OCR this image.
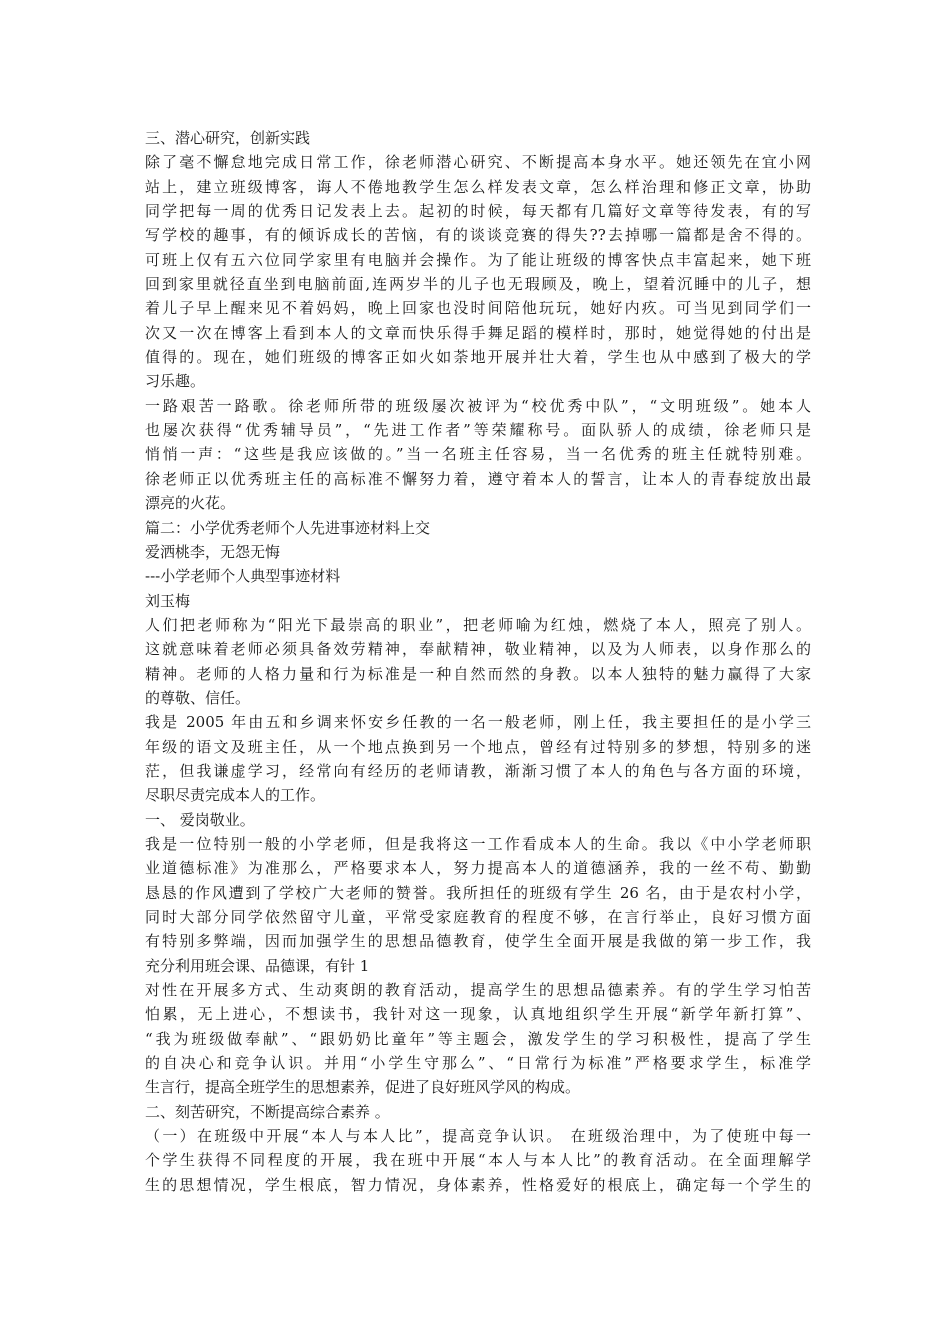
三、潜心研究，创新实践
除了毫不懈怠地完成日常工作，徐老师潜心研究、不断提高本身水平。她还领先在宜小网
站上，建立班级博客，诲人不倦地教学生怎么样发表文章，怎么样治理和修正文章，协助
同学把每一周的优秀日记发表上去。起初的时候，每天都有几篇好文章等待发表，有的写
写学校的趣事，有的倾诉成长的苦恼，有的谈谈竞赛的得失??去掉哪一篇都是舍不得的。
可班上仅有五六位同学家里有电脑并会操作。为了能让班级的博客快点丰富起来，她下班
回到家里就径直坐到电脑前面,连两岁半的儿子也无瑕顾及，晚上，望着沉睡中的儿子，想
着儿子早上醒来见不着妈妈，晚上回家也没时间陪他玩玩，她好内疚。可当见到同学们一
次又一次在博客上看到本人的文章而快乐得手舞足蹈的模样时，那时，她觉得她的付出是
值得的。现在，她们班级的博客正如火如荼地开展并壮大着，学生也从中感到了极大的学
习乐趣。
一路艰苦一路歌。徐老师所带的班级屡次被评为“校优秀中队”，“文明班级”。她本人
也屡次获得“优秀辅导员”，“先进工作者”等荣耀称号。面队骄人的成绩，徐老师只是
悄悄一声：“这些是我应该做的。”当一名班主任容易，当一名优秀的班主任就特别难。
徐老师正以优秀班主任的高标准不懈努力着，遵守着本人的誓言，让本人的青春绽放出最
漂亮的火花。
篇二：小学优秀老师个人先进事迹材料上交
爱洒桃李，无怨无悔
---小学老师个人典型事迹材料
刘玉梅
人们把老师称为“阳光下最崇高的职业”，把老师喻为红烛，燃烧了本人，照亮了别人。
这就意味着老师必须具备效劳精神，奉献精神，敬业精神，以及为人师表，以身作那么的
精神。老师的人格力量和行为标准是一种自然而然的身教。以本人独特的魅力赢得了大家
的尊敬、信任。
我是 2005 年由五和乡调来怀安乡任教的一名一般老师，刚上任，我主要担任的是小学三
年级的语文及班主任，从一个地点换到另一个地点，曾经有过特别多的梦想，特别多的迷
茫，但我谦虚学习，经常向有经历的老师请教，渐渐习惯了本人的角色与各方面的环境，
尽职尽责完成本人的工作。
一、 爱岗敬业。
我是一位特别一般的小学老师，但是我将这一工作看成本人的生命。我以《中小学老师职
业道德标准》为准那么，严格要求本人，努力提高本人的道德涵养，我的一丝不苟、勤勤
恳恳的作风遭到了学校广大老师的赞誉。我所担任的班级有学生 26 名，由于是农村小学，
同时大部分同学依然留守儿童，平常受家庭教育的程度不够，在言行举止，良好习惯方面
有特别多弊端，因而加强学生的思想品德教育，使学生全面开展是我做的第一步工作，我
充分利用班会课、品德课，有针 1
对性在开展多方式、生动爽朗的教育活动，提高学生的思想品德素养。有的学生学习怕苦
怕累，无上进心，不想读书，我针对这一现象，认真地组织学生开展“新学年新打算”、
“我为班级做奉献”、“跟奶奶比童年”等主题会，激发学生的学习积极性，提高了学生
的自决心和竞争认识。并用“小学生守那么”、“日常行为标准”严格要求学生，标准学
生言行，提高全班学生的思想素养，促进了良好班风学风的构成。
二、刻苦研究，不断提高综合素养 。
（一）在班级中开展“本人与本人比”，提高竞争认识。 在班级治理中，为了使班中每一
个学生获得不同程度的开展，我在班中开展“本人与本人比”的教育活动。在全面理解学
生的思想情况，学生根底，智力情况，身体素养，性格爱好的根底上，确定每一个学生的
